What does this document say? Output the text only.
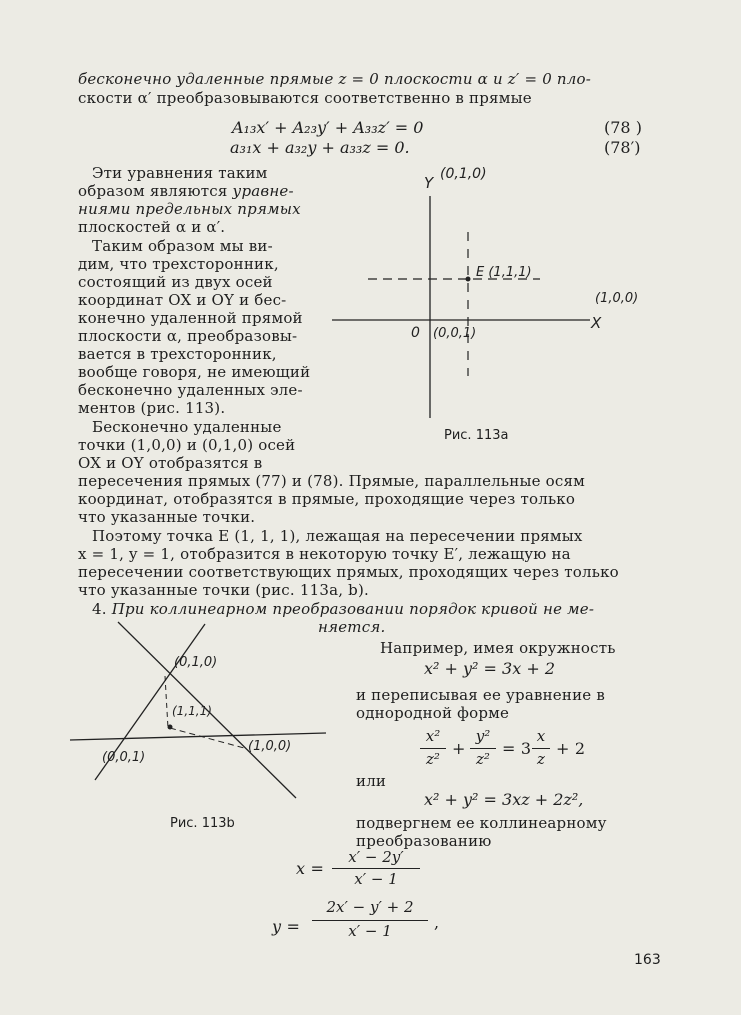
бесконечно удаленные прямые z = 0 плоскости α и z′ = 0 пло-
скости α′ преобразовываются соответственно в прямые
A₁₃x′ + A₂₃y′ + A₃₃z′ = 0	(78 )
a₃₁x + a₃₂y + a₃₃z = 0.	(78′)
Эти уравнения таким
образом являются уравне-
ниями предельных прямых
плоскостей α и α′.
Таким образом мы ви-
дим, что трехсторонник,
состоящий из двух осей
координат OX и OY и бес-
конечно удаленной прямой
плоскости α, преобразовы-
вается в трехсторонник,
вообще говоря, не имеющий
бесконечно удаленных эле-
ментов (рис. 113).
Бесконечно удаленные
точки (1,0,0) и (0,1,0) осей
OX и OY отобразятся в
Y (0,1,0)
X
E (1,1,1)
(1,0,0)
0 (0,0,1)
Рис. 113а
пересечения прямых (77) и (78). Прямые, параллельные осям
координат, отобразятся в прямые, проходящие через только
что указанные точки.
Поэтому точка E (1, 1, 1), лежащая на пересечении прямых
x = 1, y = 1, отобразится в некоторую точку E′, лежащую на
пересечении соответствующих прямых, проходящих через только
что указанные точки (рис. 113a, b).
4. При коллинеарном преобразовании порядок кривой не ме-
няется.
Например, имея окружность
x² + y² = 3x + 2
и переписывая ее уравнение в
однородной форме
x²
z²
+
y²
z²
= 3
x
z
+ 2
или
x² + y² = 3xz + 2z²,
подвергнем ее коллинеарному
преобразованию
(0,1,0)
(1,1,1)
(1,0,0)
(0,0,1)
Рис. 113b
x =
x′ − 2y′
x′ − 1
y =
2x′ − y′ + 2
x′ − 1	,
163
